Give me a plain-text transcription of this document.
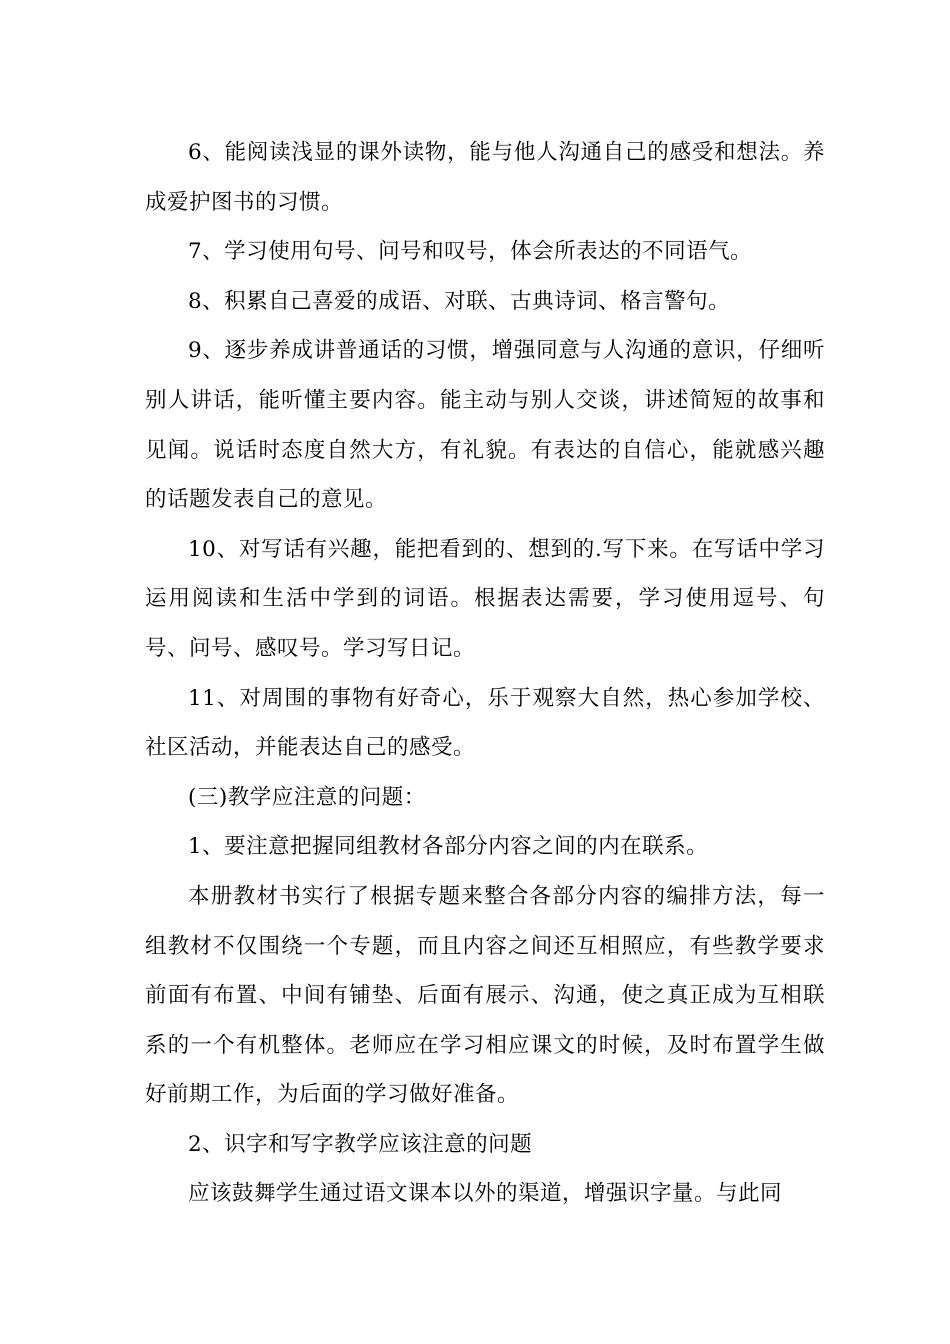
6、能阅读浅显的课外读物，能与他人沟通自己的感受和想法。养成爱护图书的习惯。

7、学习使用句号、问号和叹号，体会所表达的不同语气。

8、积累自己喜爱的成语、对联、古典诗词、格言警句。

9、逐步养成讲普通话的习惯，增强同意与人沟通的意识，仔细听别人讲话，能听懂主要内容。能主动与别人交谈，讲述简短的故事和见闻。说话时态度自然大方，有礼貌。有表达的自信心，能就感兴趣的话题发表自己的意见。

10、对写话有兴趣，能把看到的、想到的.写下来。在写话中学习运用阅读和生活中学到的词语。根据表达需要，学习使用逗号、句号、问号、感叹号。学习写日记。

11、对周围的事物有好奇心，乐于观察大自然，热心参加学校、社区活动，并能表达自己的感受。

(三)教学应注意的问题：

1、要注意把握同组教材各部分内容之间的内在联系。

本册教材书实行了根据专题来整合各部分内容的编排方法，每一组教材不仅围绕一个专题，而且内容之间还互相照应，有些教学要求前面有布置、中间有铺垫、后面有展示、沟通，使之真正成为互相联系的一个有机整体。老师应在学习相应课文的时候，及时布置学生做好前期工作，为后面的学习做好准备。

2、识字和写字教学应该注意的问题

应该鼓舞学生通过语文课本以外的渠道，增强识字量。与此同
